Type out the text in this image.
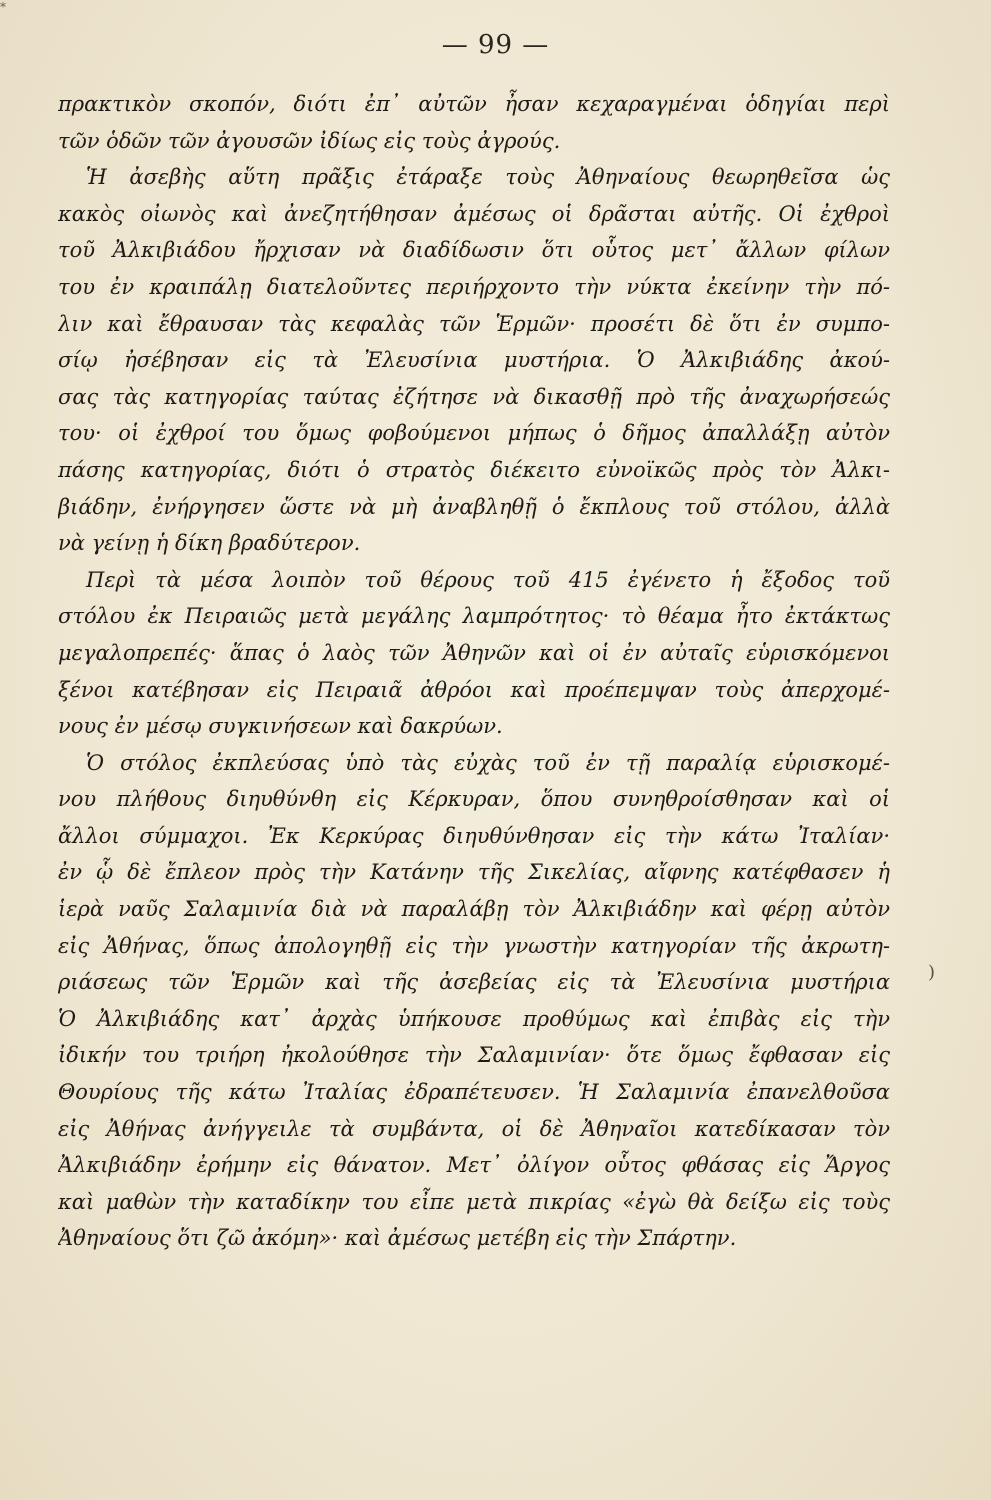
*
— 99 —
πρακτικὸν σκοπόν, διότι ἐπ᾽ αὐτῶν ἦσαν κεχαραγμέναι ὁδηγίαι περὶ
τῶν ὁδῶν τῶν ἀγουσῶν ἰδίως εἰς τοὺς ἀγρούς.
Ἡ ἀσεβὴς αὕτη πρᾶξις ἐτάραξε τοὺς Ἀθηναίους θεωρηθεῖσα ὡς
κακὸς οἰωνὸς καὶ ἀνεζητήθησαν ἀμέσως οἱ δρᾶσται αὐτῆς. Οἱ ἐχθροὶ
τοῦ Ἀλκιβιάδου ἤρχισαν νὰ διαδίδωσιν ὅτι οὗτος μετ᾽ ἄλλων φίλων
του ἐν κραιπάλῃ διατελοῦντες περιήρχοντο τὴν νύκτα ἐκείνην τὴν πό-
λιν καὶ ἔθραυσαν τὰς κεφαλὰς τῶν Ἑρμῶν· προσέτι δὲ ὅτι ἐν συμπο-
σίῳ ἠσέβησαν εἰς τὰ Ἐλευσίνια μυστήρια. Ὁ Ἀλκιβιάδης ἀκού-
σας τὰς κατηγορίας ταύτας ἐζήτησε νὰ δικασθῇ πρὸ τῆς ἀναχωρήσεώς
του· οἱ ἐχθροί του ὅμως φοβούμενοι μήπως ὁ δῆμος ἀπαλλάξῃ αὐτὸν
πάσης κατηγορίας, διότι ὁ στρατὸς διέκειτο εὐνοϊκῶς πρὸς τὸν Ἀλκι-
βιάδην, ἐνήργησεν ὥστε νὰ μὴ ἀναβληθῇ ὁ ἔκπλους τοῦ στόλου, ἀλλὰ
νὰ γείνῃ ἡ δίκη βραδύτερον.
Περὶ τὰ μέσα λοιπὸν τοῦ θέρους τοῦ 415 ἐγένετο ἡ ἔξοδος τοῦ
στόλου ἐκ Πειραιῶς μετὰ μεγάλης λαμπρότητος· τὸ θέαμα ἦτο ἐκτάκτως
μεγαλοπρεπές· ἅπας ὁ λαὸς τῶν Ἀθηνῶν καὶ οἱ ἐν αὐταῖς εὑρισκόμενοι
ξένοι κατέβησαν εἰς Πειραιᾶ ἀθρόοι καὶ προέπεμψαν τοὺς ἀπερχομέ-
νους ἐν μέσῳ συγκινήσεων καὶ δακρύων.
Ὁ στόλος ἐκπλεύσας ὑπὸ τὰς εὐχὰς τοῦ ἐν τῇ παραλίᾳ εὑρισκομέ-
νου πλήθους διηυθύνθη εἰς Κέρκυραν, ὅπου συνηθροίσθησαν καὶ οἱ
ἄλλοι σύμμαχοι. Ἐκ Κερκύρας διηυθύνθησαν εἰς τὴν κάτω Ἰταλίαν·
ἐν ᾧ δὲ ἔπλεον πρὸς τὴν Κατάνην τῆς Σικελίας, αἴφνης κατέφθασεν ἡ
ἱερὰ ναῦς Σαλαμινία διὰ νὰ παραλάβῃ τὸν Ἀλκιβιάδην καὶ φέρῃ αὐτὸν
εἰς Ἀθήνας, ὅπως ἀπολογηθῇ εἰς τὴν γνωστὴν κατηγορίαν τῆς ἀκρωτη-
ριάσεως τῶν Ἑρμῶν καὶ τῆς ἀσεβείας εἰς τὰ Ἐλευσίνια μυστήρια
Ὁ Ἀλκιβιάδης κατ᾽ ἀρχὰς ὑπήκουσε προθύμως καὶ ἐπιβὰς εἰς τὴν
ἰδικήν του τριήρη ἠκολούθησε τὴν Σαλαμινίαν· ὅτε ὅμως ἔφθασαν εἰς
Θουρίους τῆς κάτω Ἰταλίας ἐδραπέτευσεν. Ἡ Σαλαμινία ἐπανελθοῦσα
εἰς Ἀθήνας ἀνήγγειλε τὰ συμβάντα, οἱ δὲ Ἀθηναῖοι κατεδίκασαν τὸν
Ἀλκιβιάδην ἐρήμην εἰς θάνατον. Μετ᾽ ὀλίγον οὗτος φθάσας εἰς Ἄργος
καὶ μαθὼν τὴν καταδίκην του εἶπε μετὰ πικρίας «ἐγὼ θὰ δείξω εἰς τοὺς
Ἀθηναίους ὅτι ζῶ ἀκόμη»· καὶ ἀμέσως μετέβη εἰς τὴν Σπάρτην.
)
